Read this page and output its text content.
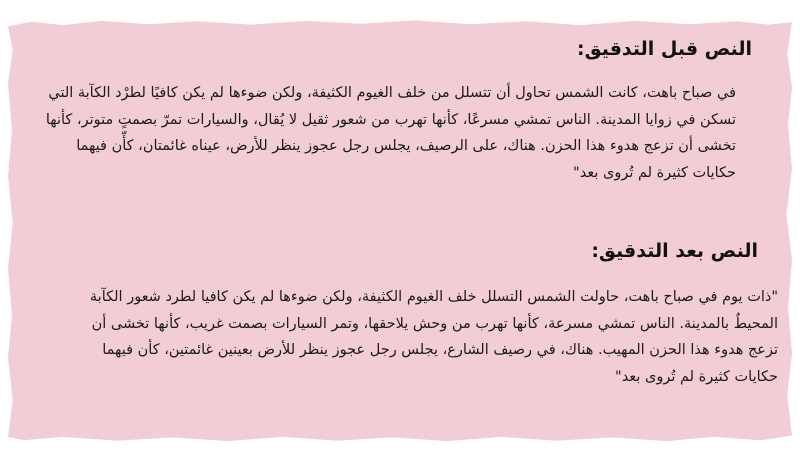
النص قبل التدقيق:

في صباح باهت، كانت الشمس تحاول أن تتسلل من خلف الغيوم الكثيفة، ولكن ضوءها لم يكن كافيًا لطرْد الكآبة التي تسكن في زوايا المدينة. الناس تمشي مسرعًا، كأنها تهرب من شعور ثقيل لا يُقال، والسيارات تمرّ بصمتٍ متوتر، كأنها تخشى أن تزعج هدوء هذا الحزن. هناك، على الرصيف، يجلس رجل عجوز ينظر للأرض، عيناه غائمتان، كأّن فيهما حكايات كثيرة لم تُروى بعد"

النص بعد التدقيق:

"ذات يوم في صباح باهت، حاولت الشمس التسلل خلف الغيوم الكثيفة، ولكن ضوءها لم يكن كافيا لطرد شعور الكآبة المحيطٌ بالمدينة. الناس تمشي مسرعة، كأنها تهرب من وحش يلاحقها، وتمر السيارات بصمت غريب، كأنها تخشى أن تزعج هدوء هذا الحزن المهيب. هناك، في رصيف الشارع، يجلس رجل عجوز ينظر للأرض بعينين غائمتين، كأن فيهما حكايات كثيرة لم تُروى بعد"
